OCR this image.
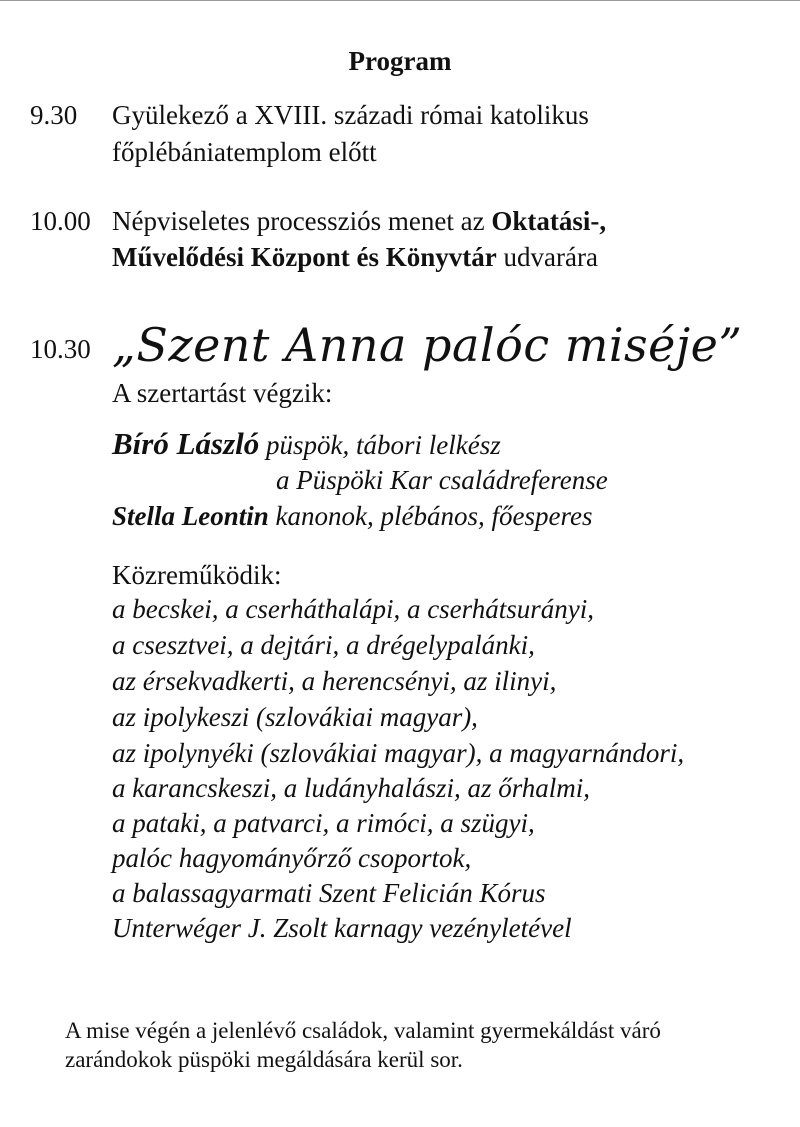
Program
9.30 Gyülekező a XVIII. századi római katolikus
főplébániatemplom előtt
10.00 Népviseletes processziós menet az Oktatási-,
Művelődési Központ és Könyvtár udvarára
10.30 „Szent Anna palóc miséje”
A szertartást végzik:
Bíró László püspök, tábori lelkész
a Püspöki Kar családreferense
Stella Leontin kanonok, plébános, főesperes
Közreműködik:
a becskei, a cserháthalápi, a cserhátsurányi,
a csesztvei, a dejtári, a drégelypalánki,
az érsekvadkerti, a herencsényi, az ilinyi,
az ipolykeszi (szlovákiai magyar),
az ipolynyéki (szlovákiai magyar), a magyarnándori,
a karancskeszi, a ludányhalászi, az őrhalmi,
a pataki, a patvarci, a rimóci, a szügyi,
palóc hagyományőrző csoportok,
a balassagyarmati Szent Felicián Kórus
Unterwéger J. Zsolt karnagy vezényletével
A mise végén a jelenlévő családok, valamint gyermekáldást váró
zarándokok püspöki megáldására kerül sor.
